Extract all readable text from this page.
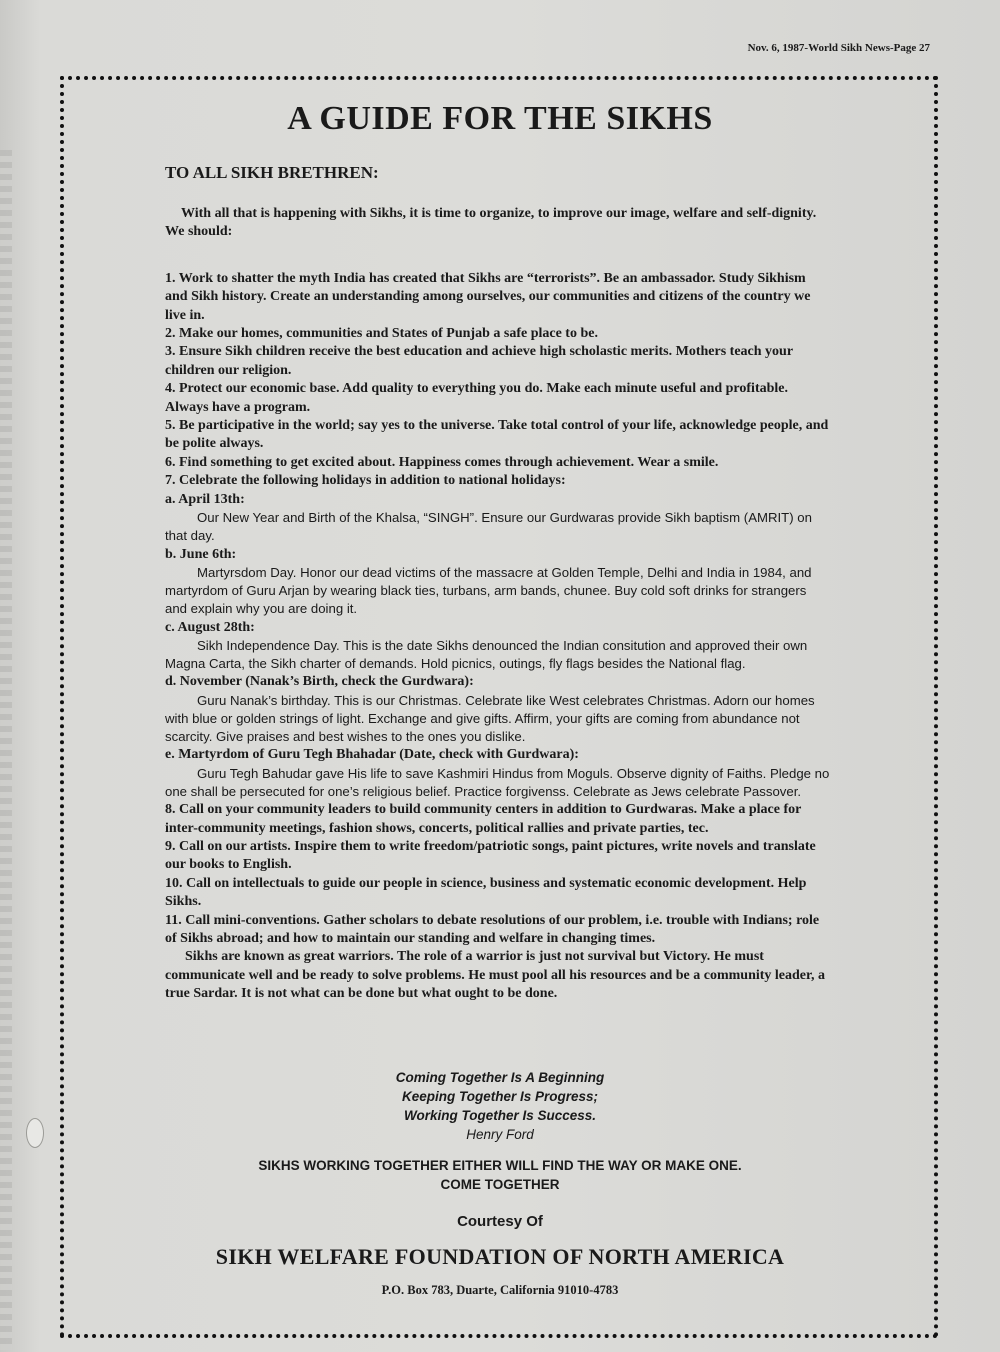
Nov. 6, 1987-World Sikh News-Page 27
A GUIDE FOR THE SIKHS
TO ALL SIKH BRETHREN:

With all that is happening with Sikhs, it is time to organize, to improve our image, welfare and self-dignity. We should:

1. Work to shatter the myth India has created that Sikhs are “terrorists”. Be an ambassador. Study Sikhism and Sikh history. Create an understanding among ourselves, our communities and citizens of the country we live in.

2. Make our homes, communities and States of Punjab a safe place to be.

3. Ensure Sikh children receive the best education and achieve high scholastic merits. Mothers teach your children our religion.

4. Protect our economic base. Add quality to everything you do. Make each minute useful and profitable. Always have a program.

5. Be participative in the world; say yes to the universe. Take total control of your life, acknowledge people, and be polite always.

6. Find something to get excited about. Happiness comes through achievement. Wear a smile.

7. Celebrate the following holidays in addition to national holidays:

a. April 13th:

Our New Year and Birth of the Khalsa, “SINGH”. Ensure our Gurdwaras provide Sikh baptism (AMRIT) on that day.

b. June 6th:

Martyrsdom Day. Honor our dead victims of the massacre at Golden Temple, Delhi and India in 1984, and martyrdom of Guru Arjan by wearing black ties, turbans, arm bands, chunee. Buy cold soft drinks for strangers and explain why you are doing it.

c. August 28th:

Sikh Independence Day. This is the date Sikhs denounced the Indian consitution and approved their own Magna Carta, the Sikh charter of demands. Hold picnics, outings, fly flags besides the National flag.

d. November (Nanak’s Birth, check the Gurdwara):

Guru Nanak’s birthday. This is our Christmas. Celebrate like West celebrates Christmas. Adorn our homes with blue or golden strings of light. Exchange and give gifts. Affirm, your gifts are coming from abundance not scarcity. Give praises and best wishes to the ones you dislike.

e. Martyrdom of Guru Tegh Bhahadar (Date, check with Gurdwara):

Guru Tegh Bahudar gave His life to save Kashmiri Hindus from Moguls. Observe dignity of Faiths. Pledge no one shall be persecuted for one’s religious belief. Practice forgivenss. Celebrate as Jews celebrate Passover.

8. Call on your community leaders to build community centers in addition to Gurdwaras. Make a place for inter-community meetings, fashion shows, concerts, political rallies and private parties, tec.

9. Call on our artists. Inspire them to write freedom/patriotic songs, paint pictures, write novels and translate our books to English.

10. Call on intellectuals to guide our people in science, business and systematic economic development. Help Sikhs.

11. Call mini-conventions. Gather scholars to debate resolutions of our problem, i.e. trouble with Indians; role of Sikhs abroad; and how to maintain our standing and welfare in changing times.

Sikhs are known as great warriors. The role of a warrior is just not survival but Victory. He must communicate well and be ready to solve problems. He must pool all his resources and be a community leader, a true Sardar. It is not what can be done but what ought to be done.

Coming Together Is A Beginning
Keeping Together Is Progress;
Working Together Is Success.
Henry Ford
SIKHS WORKING TOGETHER EITHER WILL FIND THE WAY OR MAKE ONE.
COME TOGETHER
Courtesy Of
SIKH WELFARE FOUNDATION OF NORTH AMERICA
P.O. Box 783, Duarte, California 91010-4783
